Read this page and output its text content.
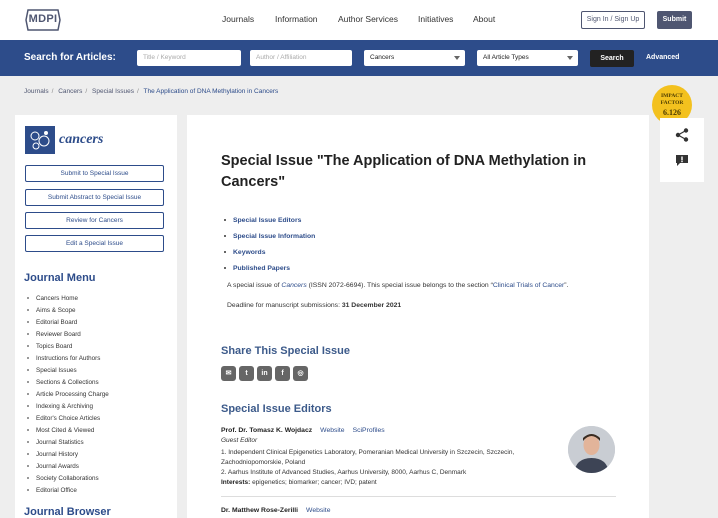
MDPI	Journals Information Author Services Initiatives About	Sign In / Sign Up	Submit
Search for Articles:	Title / Keyword	Author / Affiliation	Cancers	All Article Types	Search	Advanced
Journals / Cancers / Special Issues / The Application of DNA Methylation in Cancers
IMPACT
FACTOR
6.126
cancers
Submit to Special Issue
Submit Abstract to Special Issue
Review for Cancers
Edit a Special Issue
Journal Menu
Cancers Home
Aims & Scope
Editorial Board
Reviewer Board
Topics Board
Instructions for Authors
Special Issues
Sections & Collections
Article Processing Charge
Indexing & Archiving
Editor's Choice Articles
Most Cited & Viewed
Journal Statistics
Journal History
Journal Awards
Society Collaborations
Editorial Office
Journal Browser
Special Issue "The Application of DNA Methylation in Cancers"
Special Issue Editors
Special Issue Information
Keywords
Published Papers
A special issue of Cancers (ISSN 2072-6694). This special issue belongs to the section “Clinical Trials of Cancer”.
Deadline for manuscript submissions: 31 December 2021
Share This Special Issue
✉	t	in	f	◎
Special Issue Editors
Prof. Dr. Tomasz K. Wojdacz Website SciProfiles
Guest Editor
1. Independent Clinical Epigenetics Laboratory, Pomeranian Medical University in Szczecin, Szczecin,
Zachodniopomorskie, Poland
2. Aarhus Institute of Advanced Studies, Aarhus University, 8000, Aarhus C, Denmark
Interests: epigenetics; biomarker; cancer; IVD; patent
Dr. Matthew Rose-Zerilli Website
